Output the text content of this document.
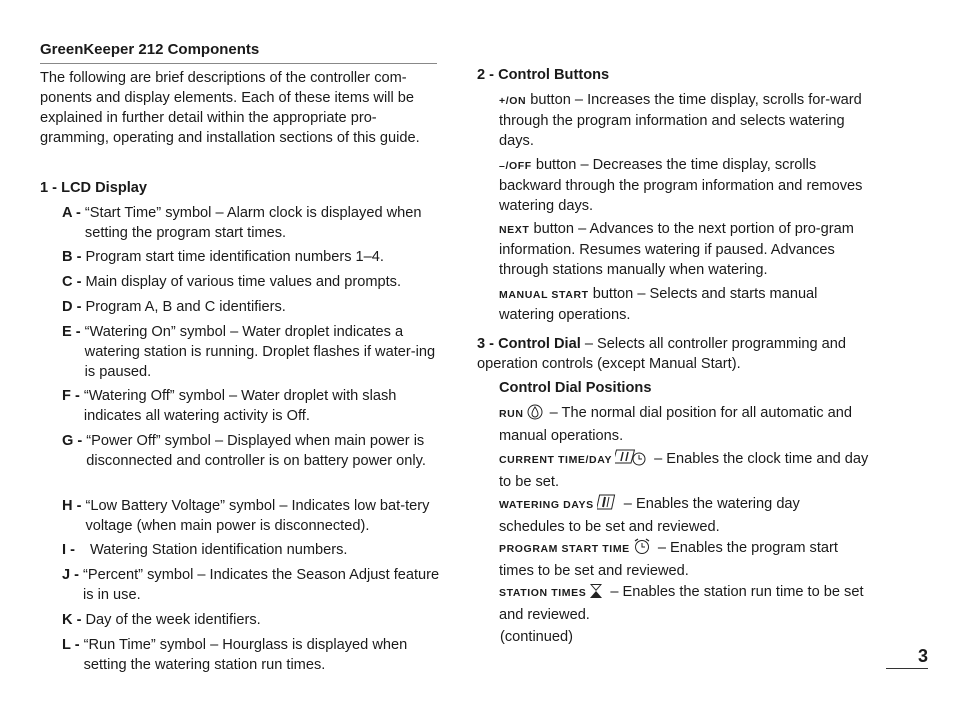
GreenKeeper 212 Components
The following are brief descriptions of the controller com-ponents and display elements. Each of these items will be explained in further detail within the appropriate pro-gramming, operating and installation sections of this guide.
1 - LCD Display
A - “Start Time” symbol – Alarm clock is displayed when setting the program start times.
B - Program start time identification numbers 1–4.
C - Main display of various time values and prompts.
D - Program A, B and C identifiers.
E - “Watering On” symbol – Water droplet indicates a watering station is running. Droplet flashes if water-ing is paused.
F - “Watering Off” symbol – Water droplet with slash indicates all watering activity is Off.
G - “Power Off” symbol – Displayed when main power is disconnected and controller is on battery power only.
H - “Low Battery Voltage” symbol – Indicates low bat-tery voltage (when main power is disconnected).
I -	Watering Station identification numbers.
J - “Percent” symbol – Indicates the Season Adjust feature is in use.
K - Day of the week identifiers.
L - “Run Time” symbol – Hourglass is displayed when setting the watering station run times.
2 - Control Buttons
+/ON button – Increases the time display, scrolls for-ward through the program information and selects watering days.
–/OFF button – Decreases the time display, scrolls backward through the program information and removes watering days.
NEXT button – Advances to the next portion of pro-gram information. Resumes watering if paused. Advances through stations manually when watering.
MANUAL START button – Selects and starts manual watering operations.
3 - Control Dial – Selects all controller programming and operation controls (except Manual Start).
Control Dial Positions
RUN – The normal dial position for all automatic and manual operations.
CURRENT TIME/DAY	– Enables the clock time and day to be set.
WATERING DAYS – Enables the watering day schedules to be set and reviewed.
PROGRAM START TIME – Enables the program start times to be set and reviewed.
STATION TIMES – Enables the station run time to be set and reviewed.
(continued)
3
